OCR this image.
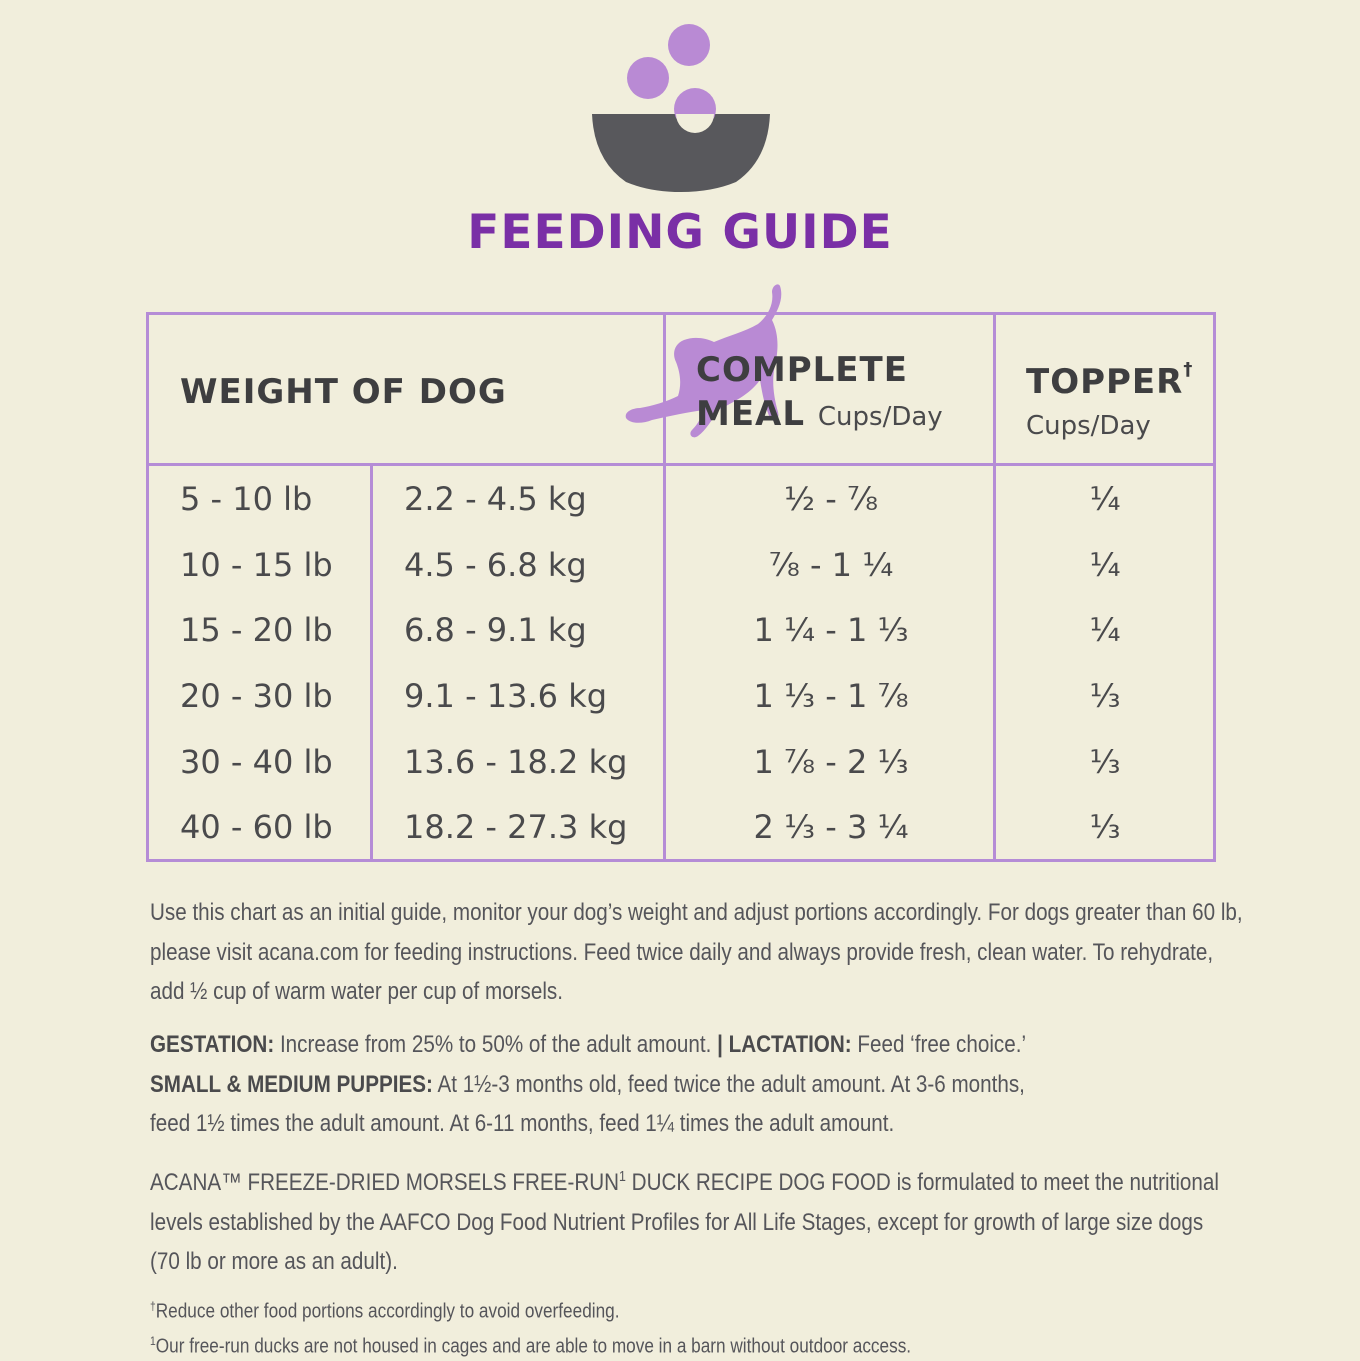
FEEDING GUIDE
WEIGHT OF DOG
COMPLETE
MEAL Cups/Day
TOPPER†
Cups/Day
5 - 10 lb	2.2 - 4.5 kg	½ - ⅞	¼
10 - 15 lb 4.5 - 6.8 kg	⅞ - 1 ¼	¼
15 - 20 lb 6.8 - 9.1 kg	1 ¼ - 1 ⅓	¼
20 - 30 lb 9.1 - 13.6 kg	1 ⅓ - 1 ⅞	⅓
30 - 40 lb 13.6 - 18.2 kg	1 ⅞ - 2 ⅓	⅓
40 - 60 lb 18.2 - 27.3 kg	2 ⅓ - 3 ¼	⅓
Use this chart as an initial guide, monitor your dog’s weight and adjust portions accordingly. For dogs greater than 60 lb,
please visit acana.com for feeding instructions. Feed twice daily and always provide fresh, clean water. To rehydrate,
add ½ cup of warm water per cup of morsels.
GESTATION: Increase from 25% to 50% of the adult amount. | LACTATION: Feed ‘free choice.’
SMALL & MEDIUM PUPPIES: At 1½-3 months old, feed twice the adult amount. At 3-6 months,
feed 1½ times the adult amount. At 6-11 months, feed 1¼ times the adult amount.
ACANA™ FREEZE-DRIED MORSELS FREE-RUN$^1$ DUCK RECIPE DOG FOOD is formulated to meet the nutritional
levels established by the AAFCO Dog Food Nutrient Profiles for All Life Stages, except for growth of large size dogs
(70 lb or more as an adult).
†Reduce other food portions accordingly to avoid overfeeding.
$^1$Our free-run ducks are not housed in cages and are able to move in a barn without outdoor access.
